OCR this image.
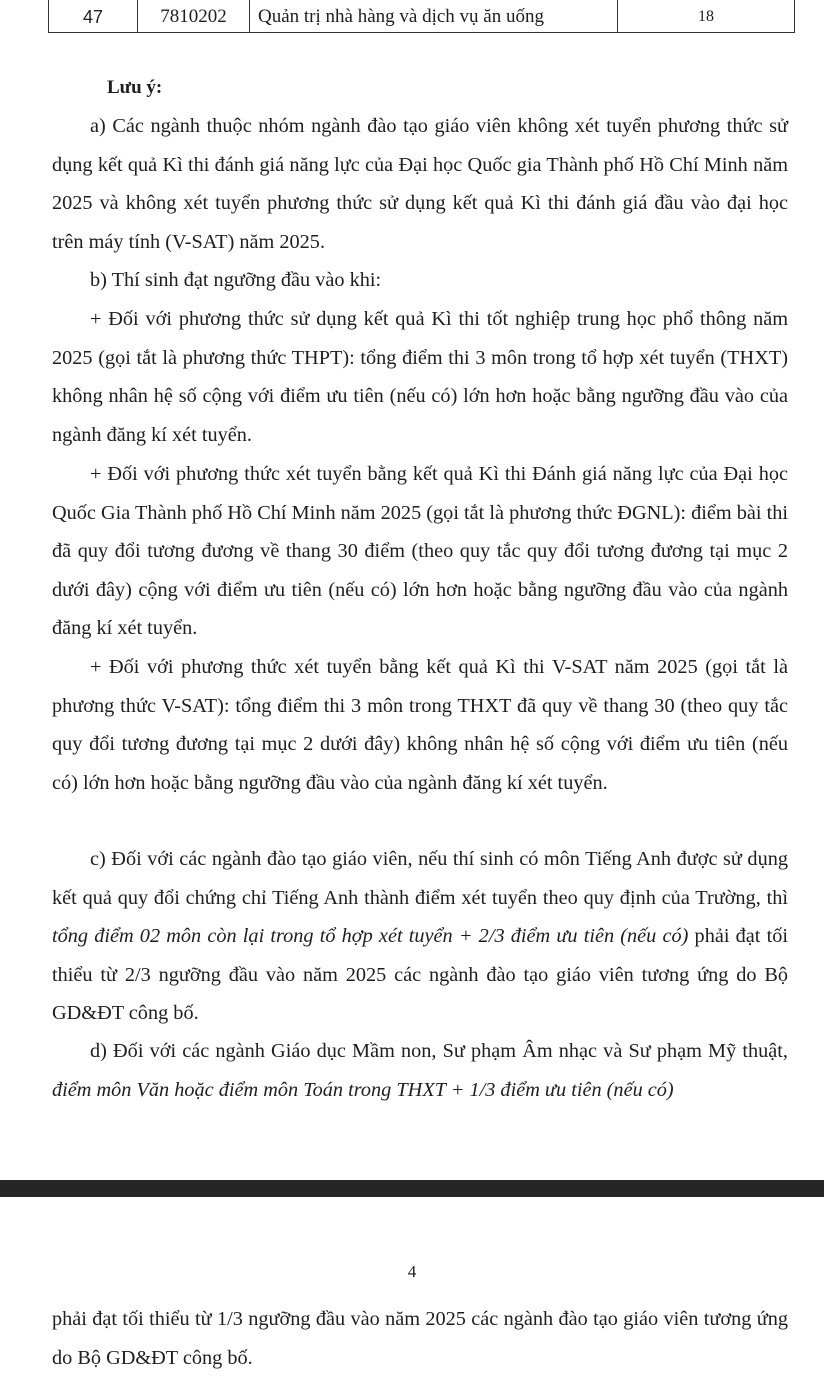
47	7810202	Quản trị nhà hàng và dịch vụ ăn uống	18
Lưu ý:

a) Các ngành thuộc nhóm ngành đào tạo giáo viên không xét tuyển phương thức sử dụng kết quả Kì thi đánh giá năng lực của Đại học Quốc gia Thành phố Hồ Chí Minh năm 2025 và không xét tuyển phương thức sử dụng kết quả Kì thi đánh giá đầu vào đại học trên máy tính (V-SAT) năm 2025.

b) Thí sinh đạt ngưỡng đầu vào khi:

+ Đối với phương thức sử dụng kết quả Kì thi tốt nghiệp trung học phổ thông năm 2025 (gọi tắt là phương thức THPT): tổng điểm thi 3 môn trong tổ hợp xét tuyển (THXT) không nhân hệ số cộng với điểm ưu tiên (nếu có) lớn hơn hoặc bằng ngưỡng đầu vào của ngành đăng kí xét tuyển.

+ Đối với phương thức xét tuyển bằng kết quả Kì thi Đánh giá năng lực của Đại học Quốc Gia Thành phố Hồ Chí Minh năm 2025 (gọi tắt là phương thức ĐGNL): điểm bài thi đã quy đổi tương đương về thang 30 điểm (theo quy tắc quy đổi tương đương tại mục 2 dưới đây) cộng với điểm ưu tiên (nếu có) lớn hơn hoặc bằng ngưỡng đầu vào của ngành đăng kí xét tuyển.

+ Đối với phương thức xét tuyển bằng kết quả Kì thi V-SAT năm 2025 (gọi tắt là phương thức V-SAT): tổng điểm thi 3 môn trong THXT đã quy về thang 30 (theo quy tắc quy đổi tương đương tại mục 2 dưới đây) không nhân hệ số cộng với điểm ưu tiên (nếu có) lớn hơn hoặc bằng ngưỡng đầu vào của ngành đăng kí xét tuyển.

c) Đối với các ngành đào tạo giáo viên, nếu thí sinh có môn Tiếng Anh được sử dụng kết quả quy đổi chứng chỉ Tiếng Anh thành điểm xét tuyển theo quy định của Trường, thì tổng điểm 02 môn còn lại trong tổ hợp xét tuyển + 2/3 điểm ưu tiên (nếu có) phải đạt tối thiểu từ 2/3 ngưỡng đầu vào năm 2025 các ngành đào tạo giáo viên tương ứng do Bộ GD&ĐT công bố.

d) Đối với các ngành Giáo dục Mầm non, Sư phạm Âm nhạc và Sư phạm Mỹ thuật, điểm môn Văn hoặc điểm môn Toán trong THXT + 1/3 điểm ưu tiên (nếu có)

4

phải đạt tối thiểu từ 1/3 ngưỡng đầu vào năm 2025 các ngành đào tạo giáo viên tương ứng do Bộ GD&ĐT công bố.
